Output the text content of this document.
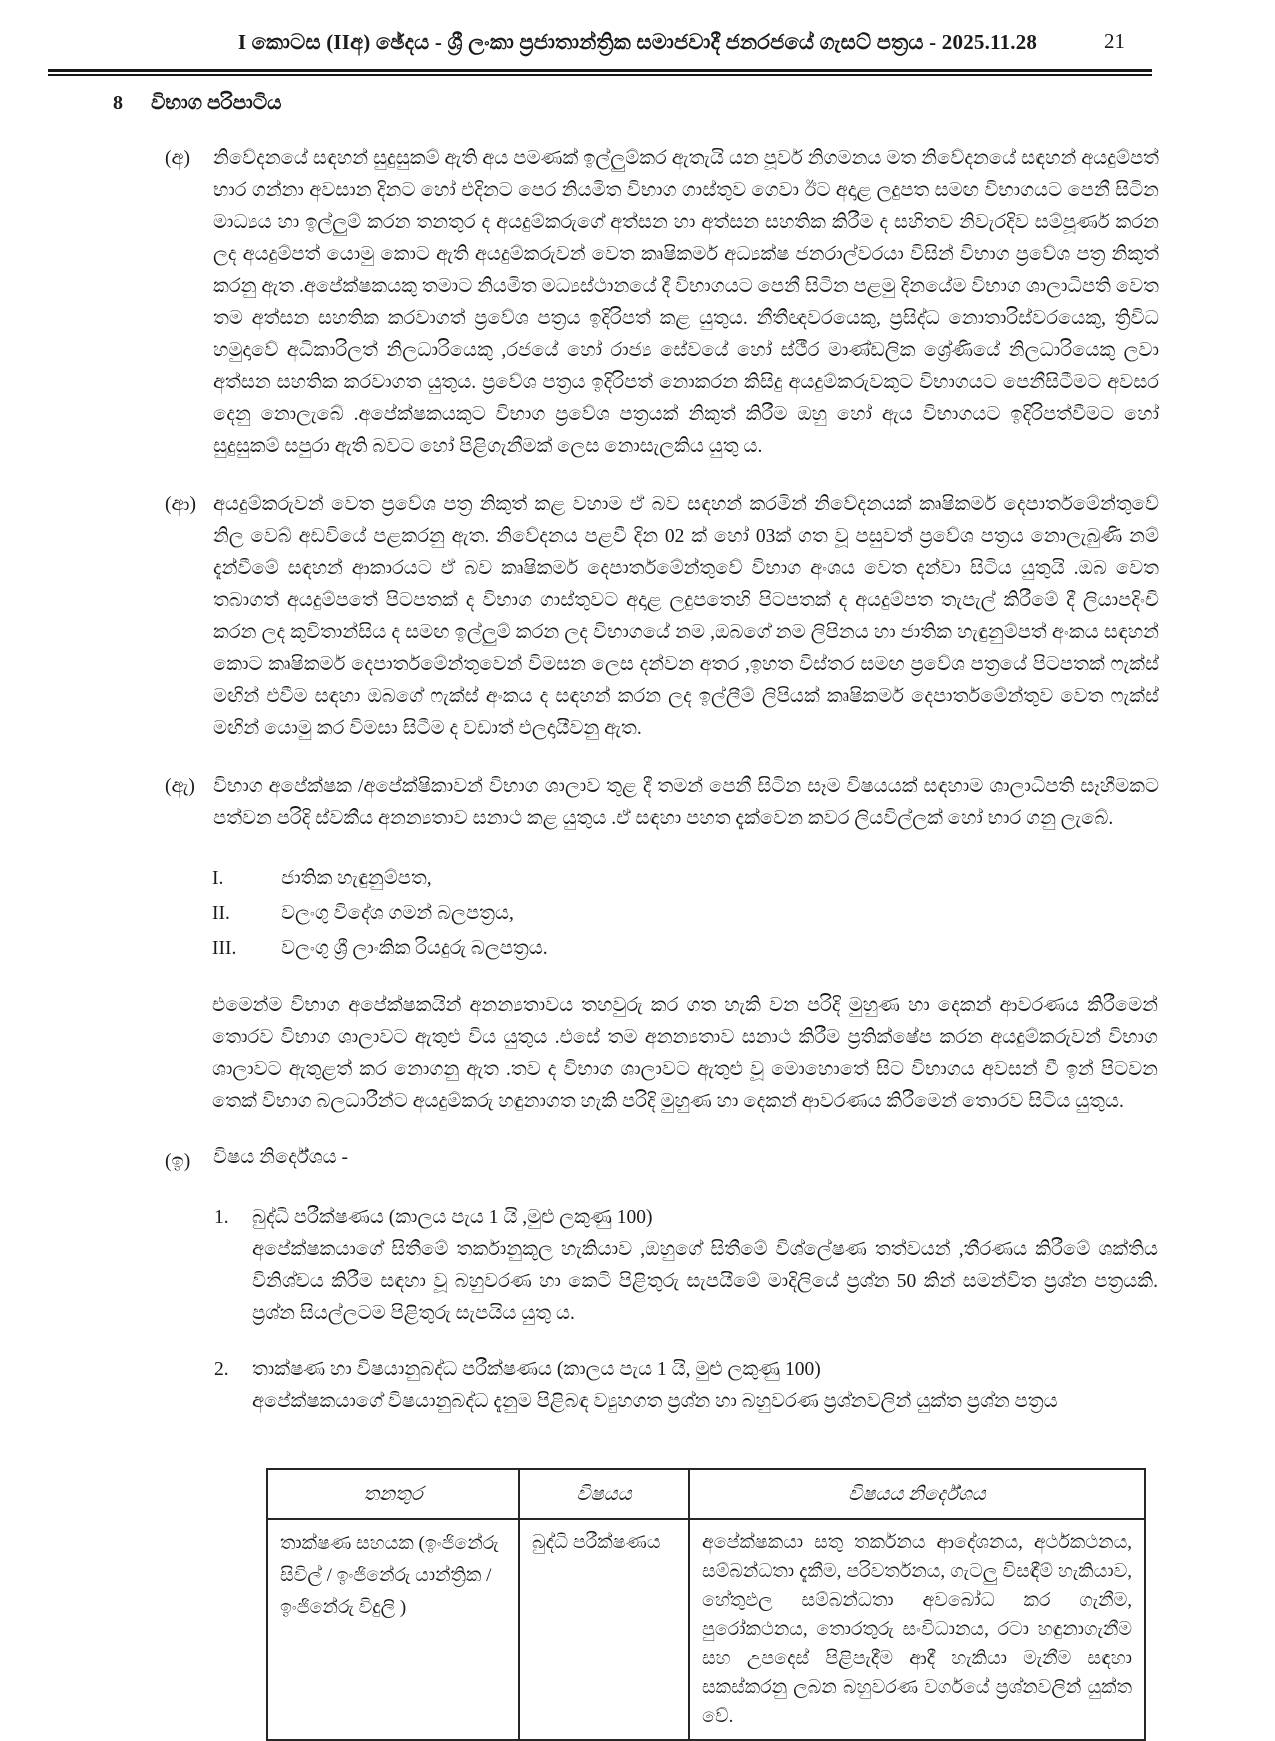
I කොටස (IIඅ) ඡේදය - ශ්‍රී ලංකා ප්‍රජාතාන්ත්‍රික සමාජවාදී ජනරජයේ ගැසට් පත්‍රය - 2025.11.28	21
8 විභාග පරිපාටිය
(අ)	නිවේදනයේ සඳහන් සුදුසුකම් ඇති අය පමණක් ඉල්ලුම්කර ඇතැයි යන පූර්ව නිගමනය මත නිවේදනයේ සඳහන් අයදුම්පත් භාර ගන්නා අවසාන දිනට හෝ එදිනට පෙර නියමිත විභාග ගාස්තුව ගෙවා ඊට අදාළ ලදුපත සමඟ විභාගයට පෙනී සිටින මාධ්‍යය හා ඉල්ලුම් කරන තනතුර ද අයදුම්කරුගේ අත්සන හා අත්සන සහතික කිරීම ද සහිතව නිවැරදිව සම්පූර්ණ කරන ලද අයදුම්පත් යොමු කොට ඇති අයදුම්කරුවන් වෙත කෘෂිකර්ම අධ්‍යක්ෂ ජනරාල්වරයා විසින් විභාග ප්‍රවේශ පත්‍ර නිකුත් කරනු ඇත .අපේක්ෂකයකු තමාට නියමිත මධ්‍යස්ථානයේ දී විභාගයට පෙනී සිටින පළමු දිනයේම විභාග ශාලාධිපති වෙත තම අත්සන සහතික කරවාගත් ප්‍රවේශ පත්‍රය ඉදිරිපත් කළ යුතුය. නීතීඥවරයෙකු, ප්‍රසිද්ධ නොතාරිස්වරයෙකු, ත්‍රිවිධ හමුදාවේ අධිකාරිලත් නිලධාරියෙකු ,රජයේ හෝ රාජ්‍ය සේවයේ හෝ ස්ථීර මාණ්ඩලික ශ්‍රේණියේ නිලධාරියෙකු ලවා අත්සන සහතික කරවාගත යුතුය. ප්‍රවේශ පත්‍රය ඉදිරිපත් නොකරන කිසිදු අයදුම්කරුවකුට විභාගයට පෙනීසිටීමට අවසර දෙනු නොලැබේ .අපේක්ෂකයකුට විභාග ප්‍රවේශ පත්‍රයක් නිකුත් කිරීම ඔහු හෝ ඇය විභාගයට ඉදිරිපත්වීමට හෝ සුදුසුකම් සපුරා ඇති බවට හෝ පිළිගැනීමක් ලෙස නොසැලකිය යුතු ය.
(ආ) අයදුම්කරුවන් වෙත ප්‍රවේශ පත්‍ර නිකුත් කළ වහාම ඒ බව සඳහන් කරමින් නිවේදනයක් කෘෂිකර්ම දෙපාර්තමේන්තුවේ නිල වෙබ් අඩවියේ පළකරනු ඇත. නිවේදනය පළවී දින 02 ක් හෝ 03ක් ගත වූ පසුවත් ප්‍රවේශ පත්‍රය නොලැබුණි නම් දැන්වීමේ සඳහන් ආකාරයට ඒ බව කෘෂිකර්ම දෙපාර්තමේන්තුවේ විභාග අංශය වෙත දන්වා සිටිය යුතුයි .ඔබ වෙත තබාගත් අයදුම්පතේ පිටපතක් ද විභාග ගාස්තුවට අදාළ ලදුපතෙහි පිටපතක් ද අයදුම්පත තැපැල් කිරීමේ දී ලියාපදිංචි කරන ලද කුවිතාන්සිය ද සමඟ ඉල්ලුම් කරන ලද විභාගයේ නම ,ඔබගේ නම ලිපිනය හා ජාතික හැඳුනුම්පත් අංකය සඳහන් කොට කෘෂිකර්ම දෙපාර්තමේන්තුවෙන් විමසන ලෙස දන්වන අතර ,ඉහත විස්තර සමඟ ප්‍රවේශ පත්‍රයේ පිටපතක් ෆැක්ස් මඟින් එවීම සඳහා ඔබගේ ෆැක්ස් අංකය ද සඳහන් කරන ලද ඉල්ලීම් ලිපියක් කෘෂිකර්ම දෙපාර්තමේන්තුව වෙත ෆැක්ස් මඟින් යොමු කර විමසා සිටීම ද වඩාත් එලදායීවනු ඇත.
(ඇ) විභාග අපේක්ෂක /අපේක්ෂිකාවන් විභාග ශාලාව තුළ දී තමන් පෙනී සිටින සෑම විෂයයක් සඳහාම ශාලාධිපති සෑහීමකට පත්වන පරිදි ස්වකීය අනන්‍යතාව සනාථ කළ යුතුය .ඒ සඳහා පහත දැක්වෙන කවර ලියවිල්ලක් හෝ භාර ගනු ලැබේ.
I.	ජාතික හැඳුනුම්පත,
II.	වලංගු විදේශ ගමන් බලපත්‍රය,
III.	වලංගු ශ්‍රී ලාංකික රියදුරු බලපත්‍රය.
එමෙන්ම විභාග අපේක්ෂකයින් අනන්‍යතාවය තහවුරු කර ගත හැකි වන පරිදි මුහුණ හා දෙකන් ආවරණය කිරීමෙන් තොරව විභාග ශාලාවට ඇතුළු විය යුතුය .එසේ තම අනන්‍යතාව සනාථ කිරීම ප්‍රතික්ෂේප කරන අයදුම්කරුවන් විභාග ශාලාවට ඇතුළත් කර නොගනු ඇත .තව ද විභාග ශාලාවට ඇතුළු වූ මොහොතේ සිට විභාගය අවසන් වී ඉන් පිටවන තෙක් විභාග බලධාරීන්ට අයදුම්කරු හඳුනාගත හැකි පරිදි මුහුණ හා දෙකන් ආවරණය කිරීමෙන් තොරව සිටිය යුතුය.
(ඉ)	විෂය නිර්දේශය -
1.	බුද්ධි පරීක්ෂණය (කාලය පැය 1 යි ,මුළු ලකුණු 100)
අපේක්ෂකයාගේ සිතීමේ තර්කානුකූල හැකියාව ,ඔහුගේ සිතීමේ විශ්ලේෂණ තත්වයන් ,තීරණය කිරීමේ ශක්තිය විනිශ්චය කිරීම සඳහා වූ බහුවරණ හා කෙටි පිළිතුරු සැපයීමේ මාදිලියේ ප්‍රශ්න 50 කින් සමන්විත ප්‍රශ්න පත්‍රයකි. ප්‍රශ්න සියල්ලටම පිළිතුරු සැපයිය යුතු ය.
2.	තාක්ෂණ හා විෂයානුබද්ධ පරීක්ෂණය (කාලය පැය 1 යි, මුළු ලකුණු 100)
අපේක්ෂකයාගේ විෂයානුබද්ධ දැනුම පිළිබඳ ව්‍යුහගත ප්‍රශ්න හා බහුවරණ ප්‍රශ්නවලින් යුක්ත ප්‍රශ්න පත්‍රය
තනතුර	විෂයය	විෂයය නිර්දේශය
තාක්ෂණ සහයක (ඉංජිනේරු සිවිල් / ඉංජිනේරු යාන්ත්‍රික / ඉංජිනේරු විදුලි )	බුද්ධි පරීක්ෂණය	අපේක්ෂකයා සතු තර්කනය ආදේශනය, අර්ථකථනය, සම්බන්ධතා දැකීම, පරිවර්තනය, ගැටලු විසඳීම් හැකියාව, හේතුඵල සම්බන්ධතා අවබෝධ කර ගැනීම, පුරෝකථනය, තොරතුරු සංවිධානය, රටා හඳුනාගැනීම සහ උපදෙස් පිළිපැදීම ආදී හැකියා මැනීම සඳහා සකස්කරනු ලබන බහුවරණ වර්ගයේ ප්‍රශ්නවලින් යුක්ත වේ.
